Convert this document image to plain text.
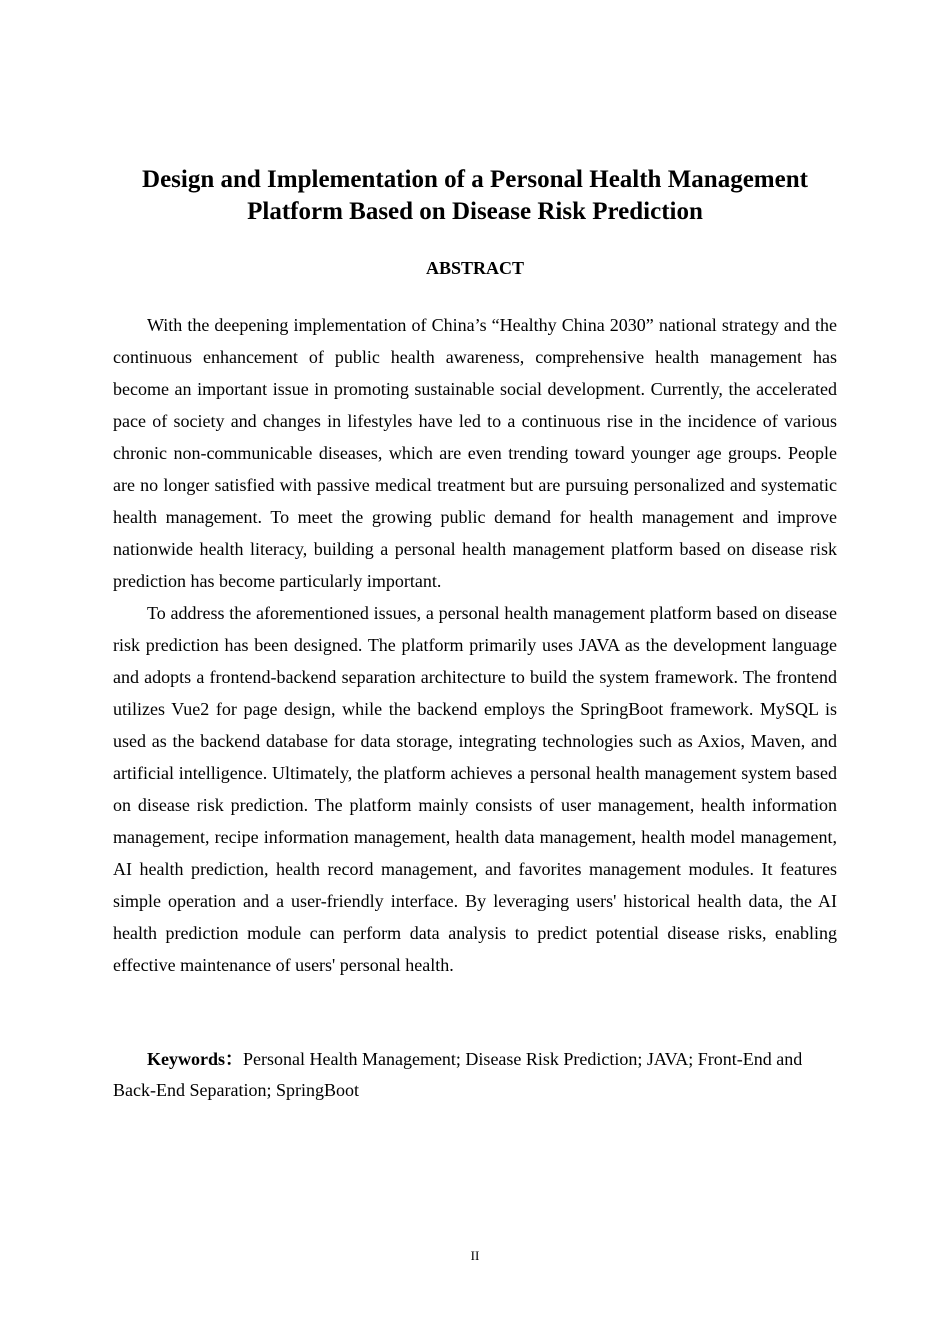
Design and Implementation of a Personal Health Management
Platform Based on Disease Risk Prediction
ABSTRACT

With the deepening implementation of China’s “Healthy China 2030” national strategy and the continuous enhancement of public health awareness, comprehensive health management has become an important issue in promoting sustainable social development. Currently, the accelerated pace of society and changes in lifestyles have led to a continuous rise in the incidence of various chronic non-communicable diseases, which are even trending toward younger age groups. People are no longer satisfied with passive medical treatment but are pursuing personalized and systematic health management. To meet the growing public demand for health management and improve nationwide health literacy, building a personal health management platform based on disease risk prediction has become particularly important.

To address the aforementioned issues, a personal health management platform based on disease risk prediction has been designed. The platform primarily uses JAVA as the development language and adopts a frontend-backend separation architecture to build the system framework. The frontend utilizes Vue2 for page design, while the backend employs the SpringBoot framework. MySQL is used as the backend database for data storage, integrating technologies such as Axios, Maven, and artificial intelligence. Ultimately, the platform achieves a personal health management system based on disease risk prediction. The platform mainly consists of user management, health information management, recipe information management, health data management, health model management, AI health prediction, health record management, and favorites management modules. It features simple operation and a user-friendly interface. By leveraging users' historical health data, the AI health prediction module can perform data analysis to predict potential disease risks, enabling effective maintenance of users' personal health.

Keywords：Personal Health Management; Disease Risk Prediction; JAVA; Front-End and Back-End Separation; SpringBoot

II
